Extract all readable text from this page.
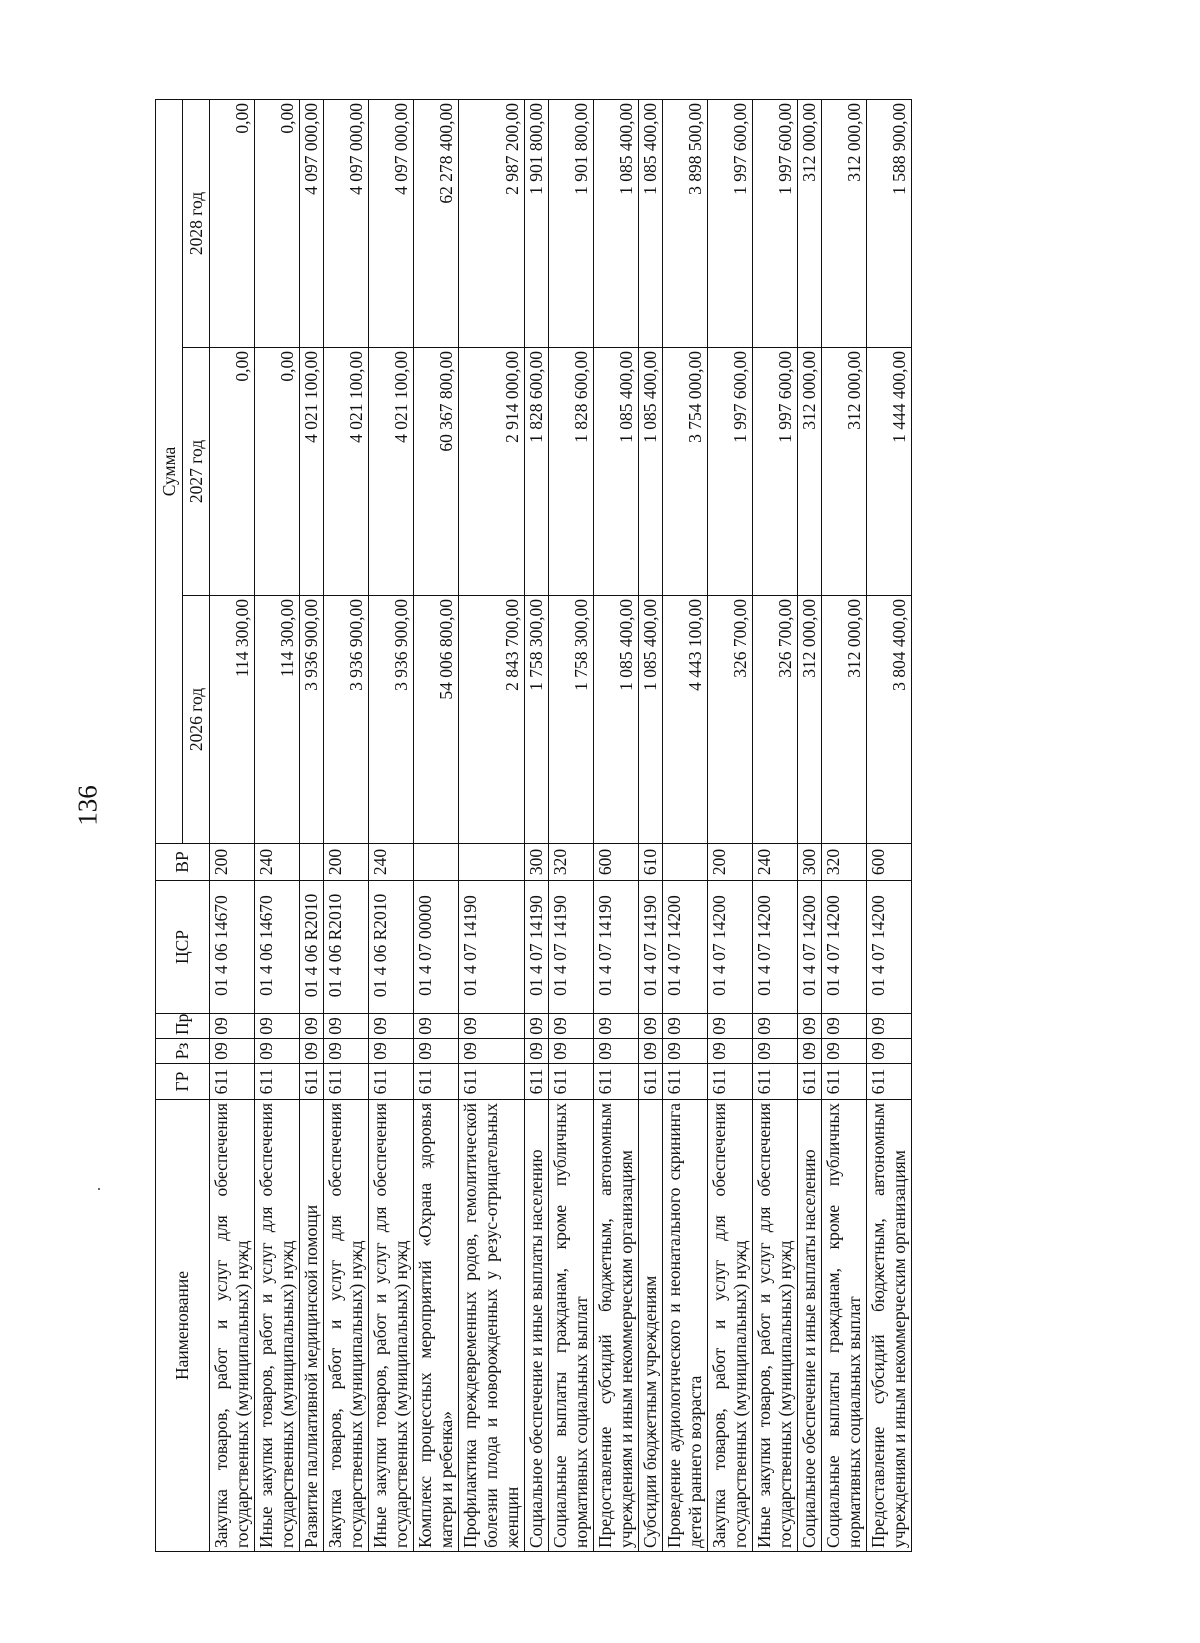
136
Наименование	ГР	Рз	Пр	ЦСР	ВР	Сумма		
						2026 год	2027 год	2028 год
Закупка товаров, работ и услуг для обеспечения государственных (муниципальных) нужд	611	09	09	01 4 06 14670	200	114 300,00	0,00	0,00
Иные закупки товаров, работ и услуг для обеспечения государственных (муниципальных) нужд	611	09	09	01 4 06 14670	240	114 300,00	0,00	0,00
Развитие паллиативной медицинской помощи	611	09	09	01 4 06 R2010		3 936 900,00	4 021 100,00	4 097 000,00
Закупка товаров, работ и услуг для обеспечения государственных (муниципальных) нужд	611	09	09	01 4 06 R2010	200	3 936 900,00	4 021 100,00	4 097 000,00
Иные закупки товаров, работ и услуг для обеспечения государственных (муниципальных) нужд	611	09	09	01 4 06 R2010	240	3 936 900,00	4 021 100,00	4 097 000,00
Комплекс процессных мероприятий «Охрана здоровья матери и ребенка»	611	09	09	01 4 07 00000		54 006 800,00	60 367 800,00	62 278 400,00
Профилактика преждевременных родов, гемолитической болезни плода и новорожденных у резус-отрицательных женщин	611	09	09	01 4 07 14190		2 843 700,00	2 914 000,00	2 987 200,00
Социальное обеспечение и иные выплаты населению	611	09	09	01 4 07 14190	300	1 758 300,00	1 828 600,00	1 901 800,00
Социальные выплаты гражданам, кроме публичных нормативных социальных выплат	611	09	09	01 4 07 14190	320	1 758 300,00	1 828 600,00	1 901 800,00
Предоставление субсидий бюджетным, автономным учреждениям и иным некоммерческим организациям	611	09	09	01 4 07 14190	600	1 085 400,00	1 085 400,00	1 085 400,00
Субсидии бюджетным учреждениям	611	09	09	01 4 07 14190	610	1 085 400,00	1 085 400,00	1 085 400,00
Проведение аудиологического и неонатального скрининга детей раннего возраста	611	09	09	01 4 07 14200		4 443 100,00	3 754 000,00	3 898 500,00
Закупка товаров, работ и услуг для обеспечения государственных (муниципальных) нужд	611	09	09	01 4 07 14200	200	326 700,00	1 997 600,00	1 997 600,00
Иные закупки товаров, работ и услуг для обеспечения государственных (муниципальных) нужд	611	09	09	01 4 07 14200	240	326 700,00	1 997 600,00	1 997 600,00
Социальное обеспечение и иные выплаты населению	611	09	09	01 4 07 14200	300	312 000,00	312 000,00	312 000,00
Социальные выплаты гражданам, кроме публичных нормативных социальных выплат	611	09	09	01 4 07 14200	320	312 000,00	312 000,00	312 000,00
Предоставление субсидий бюджетным, автономным учреждениям и иным некоммерческим организациям	611	09	09	01 4 07 14200	600	3 804 400,00	1 444 400,00	1 588 900,00
